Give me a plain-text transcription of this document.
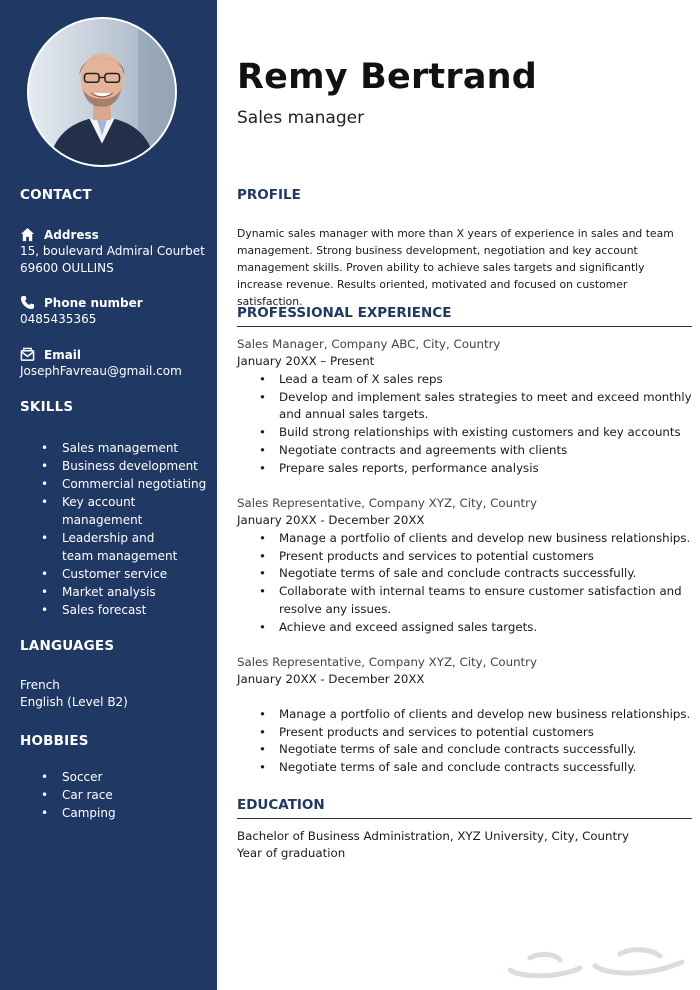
CONTACT
Address
15, boulevard Admiral Courbet
69600 OULLINS
Phone number
0485435365
Email
JosephFavreau@gmail.com
SKILLS
• Sales management
• Business development
• Commercial negotiating
• Key account management
• Leadership and team management
• Customer service
• Market analysis
• Sales forecast
LANGUAGES
French
English (Level B2)
HOBBIES
• Soccer
• Car race
• Camping
Remy Bertrand
Sales manager
PROFILE
Dynamic sales manager with more than X years of experience in sales and team management. Strong business development, negotiation and key account management skills. Proven ability to achieve sales targets and significantly increase revenue. Results oriented, motivated and focused on customer satisfaction.
PROFESSIONAL EXPERIENCE
Sales Manager, Company ABC, City, Country
January 20XX – Present
• Lead a team of X sales reps
• Develop and implement sales strategies to meet and exceed monthly and annual sales targets.
• Build strong relationships with existing customers and key accounts
• Negotiate contracts and agreements with clients
• Prepare sales reports, performance analysis
Sales Representative, Company XYZ, City, Country
January 20XX - December 20XX
• Manage a portfolio of clients and develop new business relationships.
• Present products and services to potential customers
• Negotiate terms of sale and conclude contracts successfully.
• Collaborate with internal teams to ensure customer satisfaction and resolve any issues.
• Achieve and exceed assigned sales targets.
Sales Representative, Company XYZ, City, Country
January 20XX - December 20XX
• Manage a portfolio of clients and develop new business relationships.
• Present products and services to potential customers
• Negotiate terms of sale and conclude contracts successfully.
• Negotiate terms of sale and conclude contracts successfully.
EDUCATION
Bachelor of Business Administration, XYZ University, City, Country
Year of graduation
